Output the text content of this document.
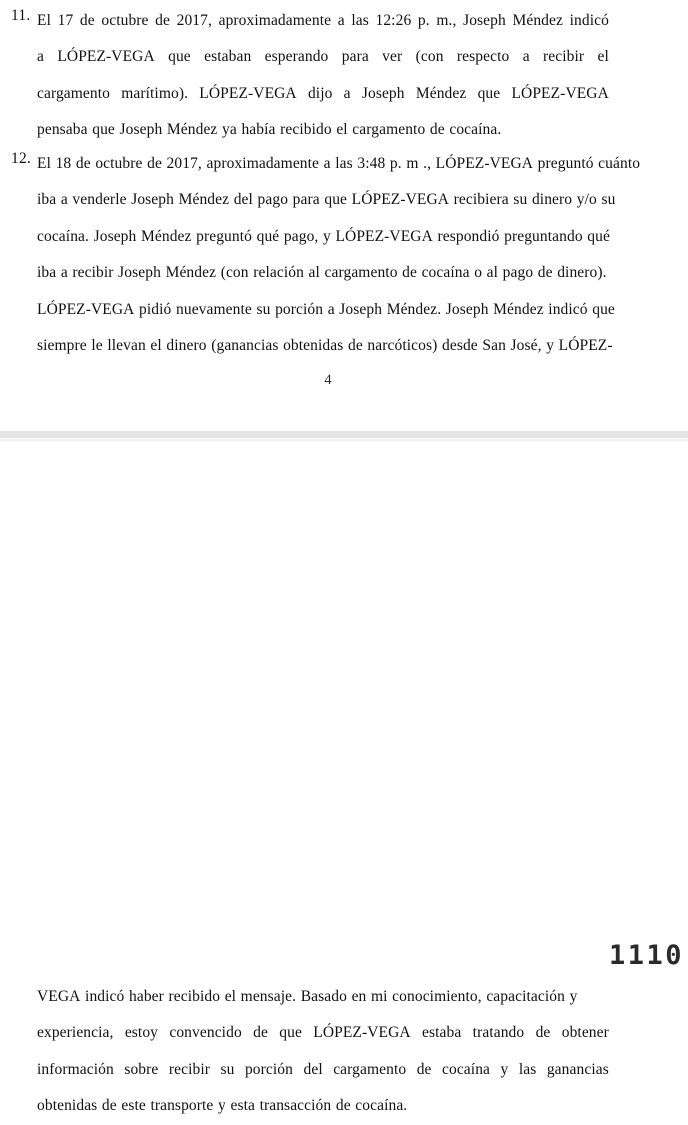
11. El 17 de octubre de 2017, aproximadamente a las 12:26 p. m., Joseph Méndez indicó
a LÓPEZ-VEGA que estaban esperando para ver (con respecto a recibir el
cargamento marítimo). LÓPEZ-VEGA dijo a Joseph Méndez que LÓPEZ-VEGA
pensaba que Joseph Méndez ya había recibido el cargamento de cocaína.
12. El 18 de octubre de 2017, aproximadamente a las 3:48 p. m ., LÓPEZ-VEGA preguntó cuánto
iba a venderle Joseph Méndez del pago para que LÓPEZ-VEGA recibiera su dinero y/o su
cocaína. Joseph Méndez preguntó qué pago, y LÓPEZ-VEGA respondió preguntando qué
iba a recibir Joseph Méndez (con relación al cargamento de cocaína o al pago de dinero).
LÓPEZ-VEGA pidió nuevamente su porción a Joseph Méndez. Joseph Méndez indicó que
siempre le llevan el dinero (ganancias obtenidas de narcóticos) desde San José, y LÓPEZ-
4
1110
VEGA indicó haber recibido el mensaje. Basado en mi conocimiento, capacitación y
experiencia, estoy convencido de que LÓPEZ-VEGA estaba tratando de obtener
información sobre recibir su porción del cargamento de cocaína y las ganancias
obtenidas de este transporte y esta transacción de cocaína.
